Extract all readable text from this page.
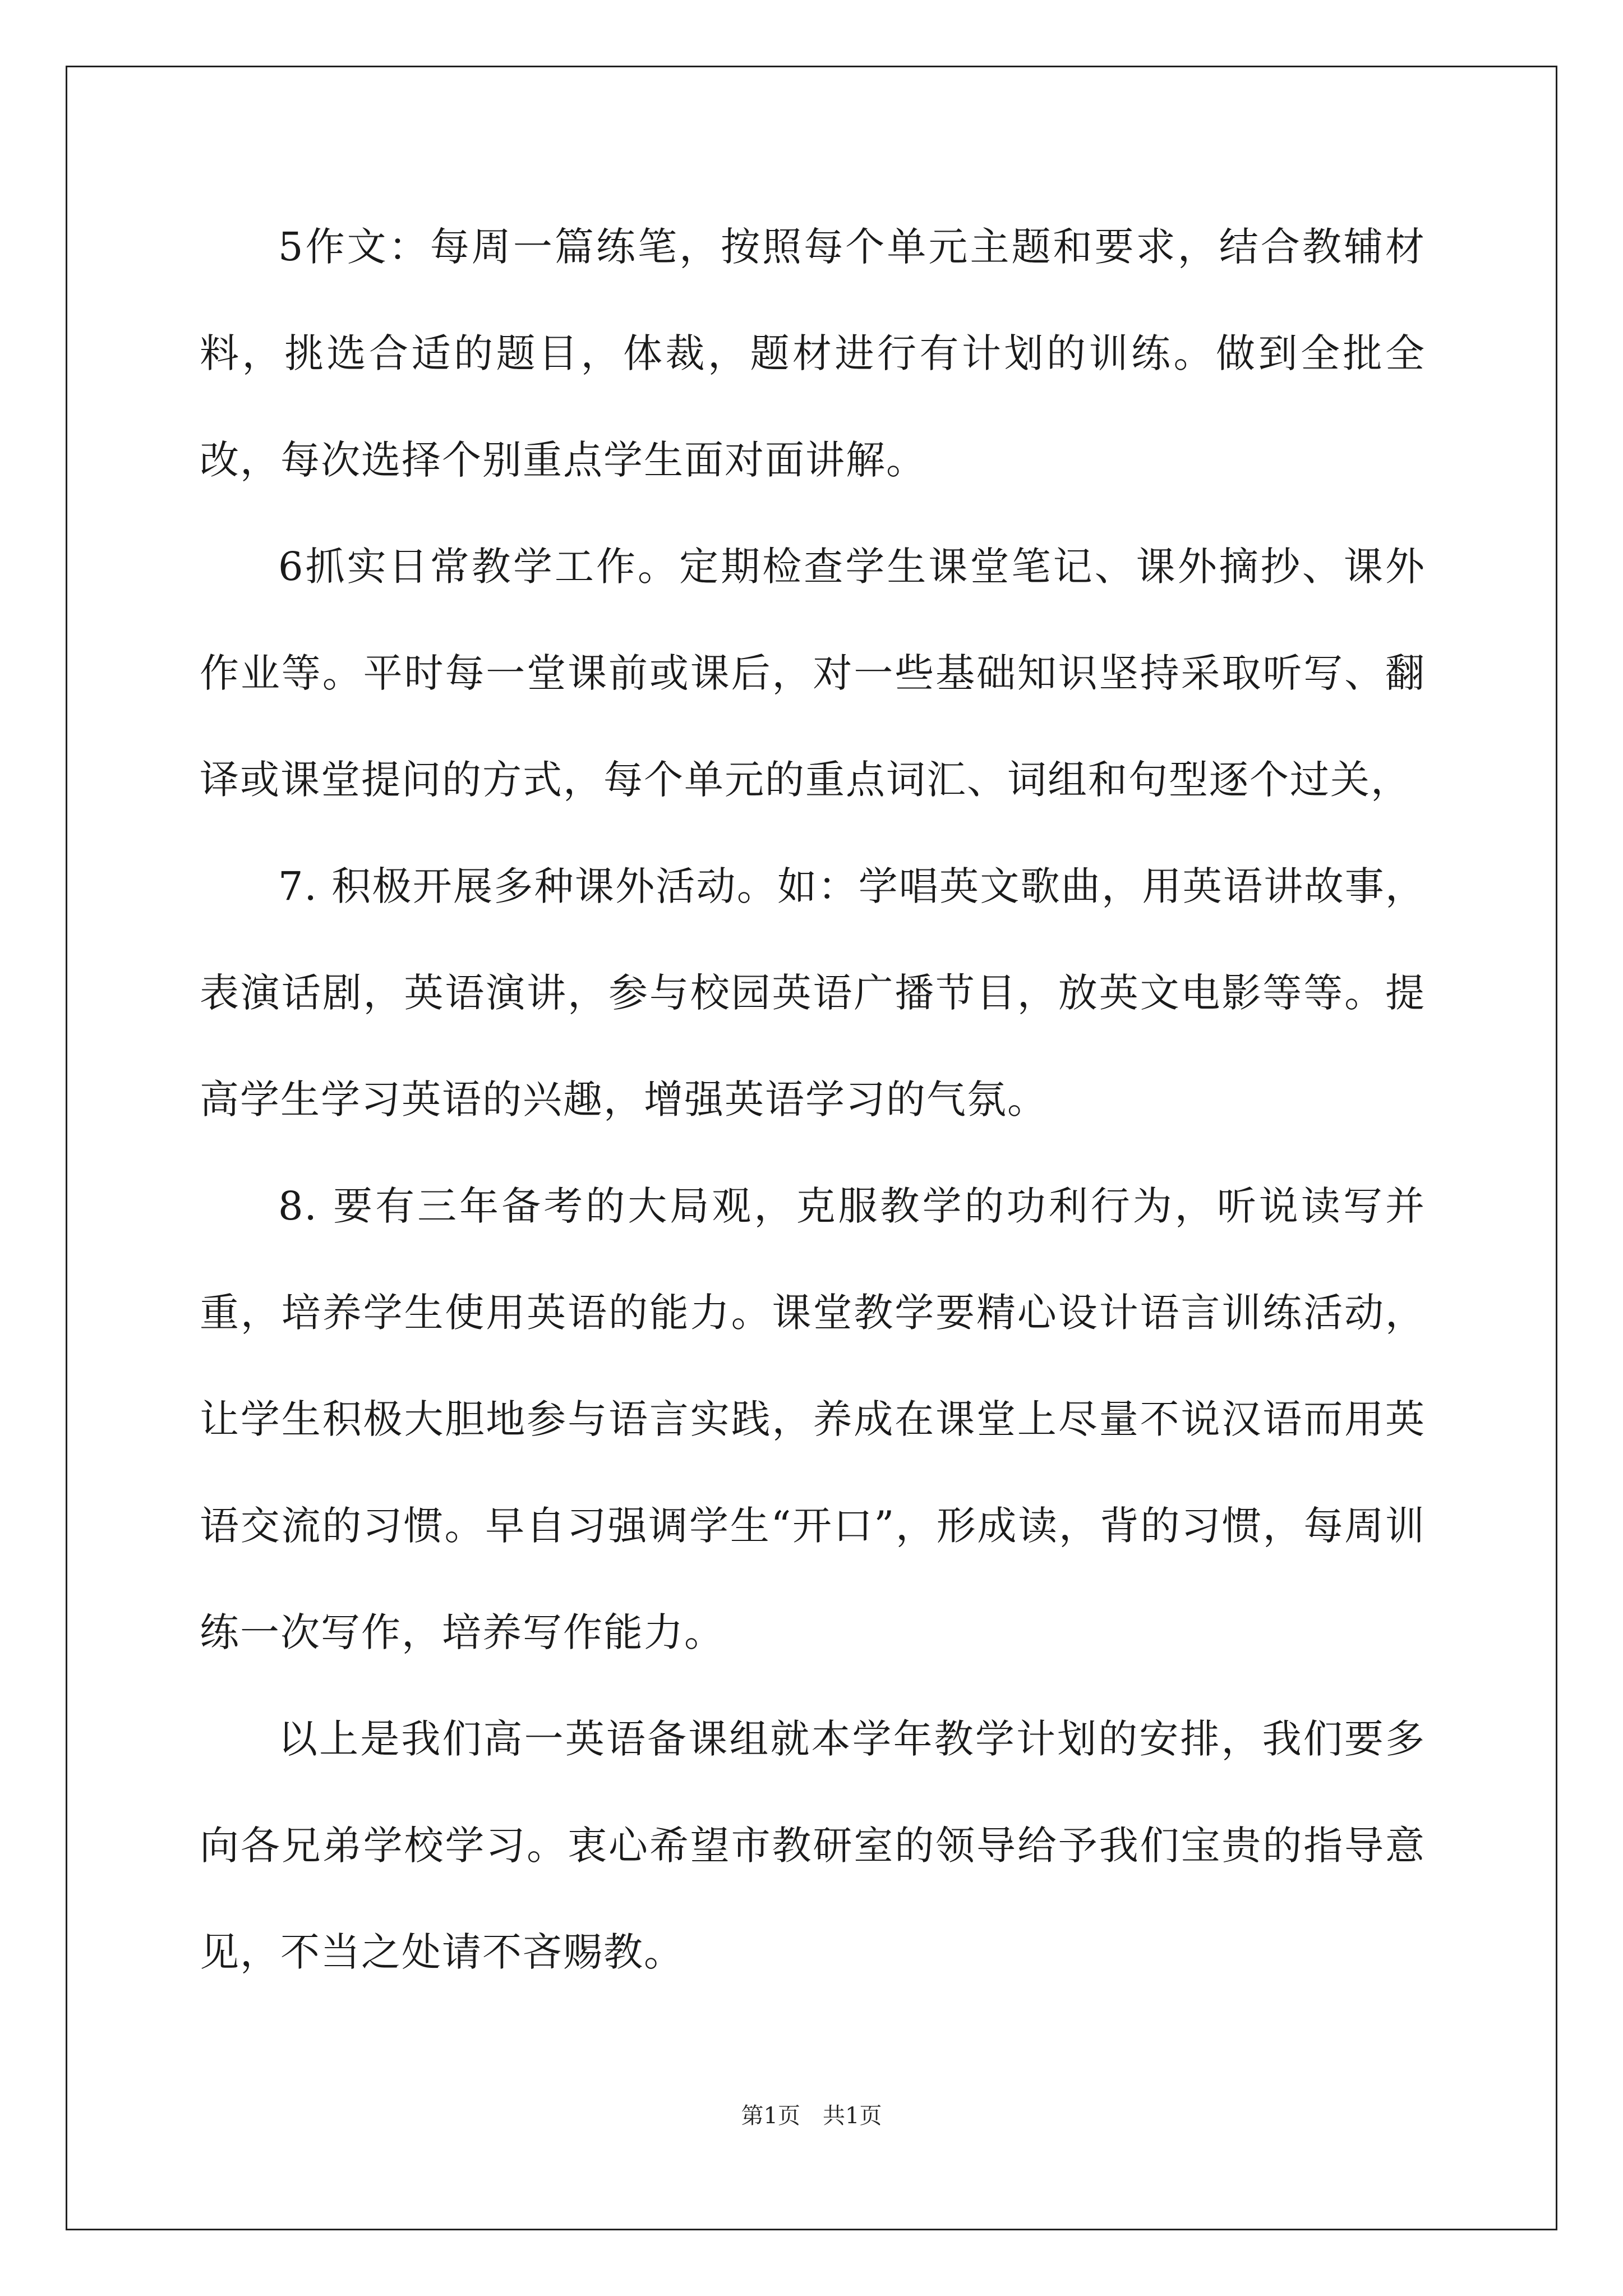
5作文：每周一篇练笔，按照每个单元主题和要求，结合教辅材料，挑选合适的题目，体裁，题材进行有计划的训练。做到全批全改，每次选择个别重点学生面对面讲解。

6抓实日常教学工作。定期检查学生课堂笔记、课外摘抄、课外作业等。平时每一堂课前或课后，对一些基础知识坚持采取听写、翻译或课堂提问的方式，每个单元的重点词汇、词组和句型逐个过关，

7. 积极开展多种课外活动。如：学唱英文歌曲，用英语讲故事，表演话剧，英语演讲，参与校园英语广播节目，放英文电影等等。提高学生学习英语的兴趣，增强英语学习的气氛。

8. 要有三年备考的大局观，克服教学的功利行为，听说读写并重，培养学生使用英语的能力。课堂教学要精心设计语言训练活动，让学生积极大胆地参与语言实践，养成在课堂上尽量不说汉语而用英语交流的习惯。早自习强调学生“开口”，形成读，背的习惯，每周训练一次写作，培养写作能力。

以上是我们高一英语备课组就本学年教学计划的安排，我们要多向各兄弟学校学习。衷心希望市教研室的领导给予我们宝贵的指导意见，不当之处请不吝赐教。

第1页　共1页
